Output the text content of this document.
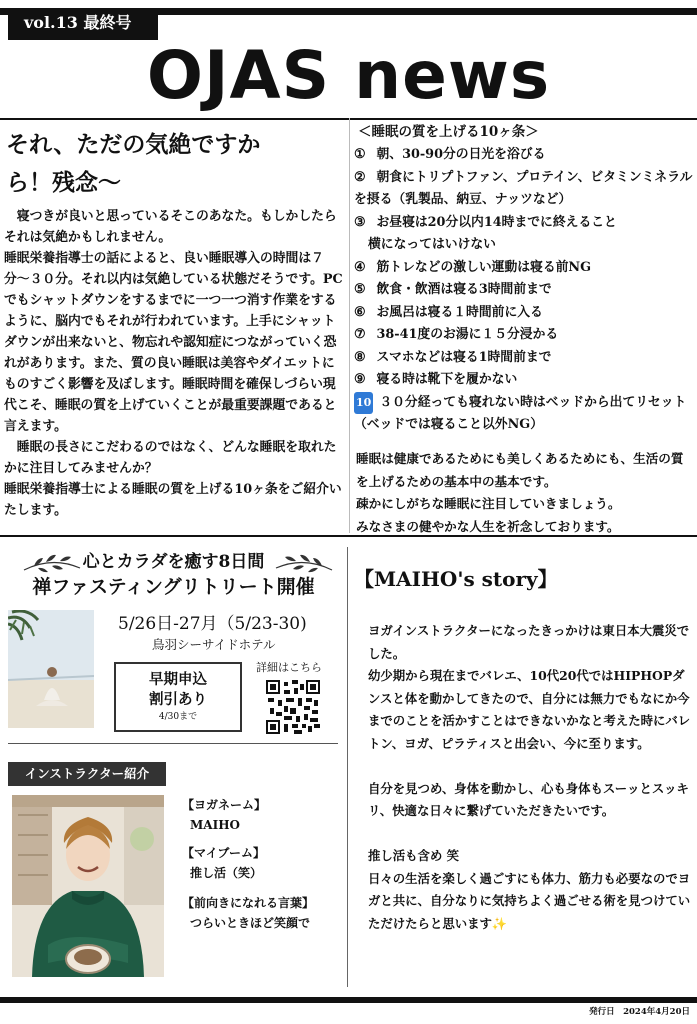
vol.13 最終号
OJAS news
それ、ただの気絶ですか
ら！残念〜

　寝つきが良いと思っているそこのあなた。もしかしたらそれは気絶かもしれません。

睡眠栄養指導士の話によると、良い睡眠導入の時間は７分〜３０分。それ以内は気絶している状態だそうです。PCでもシャットダウンをするまでに一つ一つ消す作業をするように、脳内でもそれが行われています。上手にシャットダウンが出来ないと、物忘れや認知症につながっていく恐れがあります。また、質の良い睡眠は美容やダイエットにものすごく影響を及ぼします。睡眠時間を確保しづらい現代こそ、睡眠の質を上げていくことが最重要課題であると言えます。

　睡眠の長さにこだわるのではなく、どんな睡眠を取れたかに注目してみませんか？

睡眠栄養指導士による睡眠の質を上げる10ヶ条をご紹介いたします。

＜睡眠の質を上げる10ヶ条＞
① 朝、30-90分の日光を浴びる
② 朝食にトリプトファン、プロテイン、ビタミンミネラルを摂る（乳製品、納豆、ナッツなど）
③ お昼寝は20分以内14時までに終えること
横になってはいけない
④ 筋トレなどの激しい運動は寝る前NG
⑤ 飲食・飲酒は寝る3時間前まで
⑥ お風呂は寝る１時間前に入る
⑦ 38-41度のお湯に１５分浸かる
⑧ スマホなどは寝る1時間前まで
⑨ 寝る時は靴下を履かない
10 ３０分経っても寝れない時はベッドから出てリセット（ベッドでは寝ること以外NG）
睡眠は健康であるためにも美しくあるためにも、生活の質を上げるための基本中の基本です。
疎かにしがちな睡眠に注目していきましょう。
みなさまの健やかな人生を祈念しております。
心とカラダを癒す8日間
禅ファスティングリトリート開催
5/26日-27月（5/23-30)
鳥羽シーサイドホテル
早期申込
割引あり
4/30まで
詳細はこちら
インストラクター紹介
【ヨガネーム】
MAIHO
【マイブーム】
推し活（笑）
【前向きになれる言葉】
つらいときほど笑顔で
【MAIHO's story】

ヨガインストラクターになったきっかけは東日本大震災でした。

幼少期から現在までバレエ、10代20代ではHIPHOPダンスと体を動かしてきたので、自分には無力でもなにか今までのことを活かすことはできないかなと考えた時にバレトン、ヨガ、ピラティスと出会い、今に至ります。

自分を見つめ、身体を動かし、心も身体もスーッとスッキリ、快適な日々に繋げていただきたいです。

推し活も含め 笑

日々の生活を楽しく過ごすにも体力、筋力も必要なのでヨガと共に、自分なりに気持ちよく過ごせる術を見つけていただけたらと思います✨

発行日　2024年4月20日
